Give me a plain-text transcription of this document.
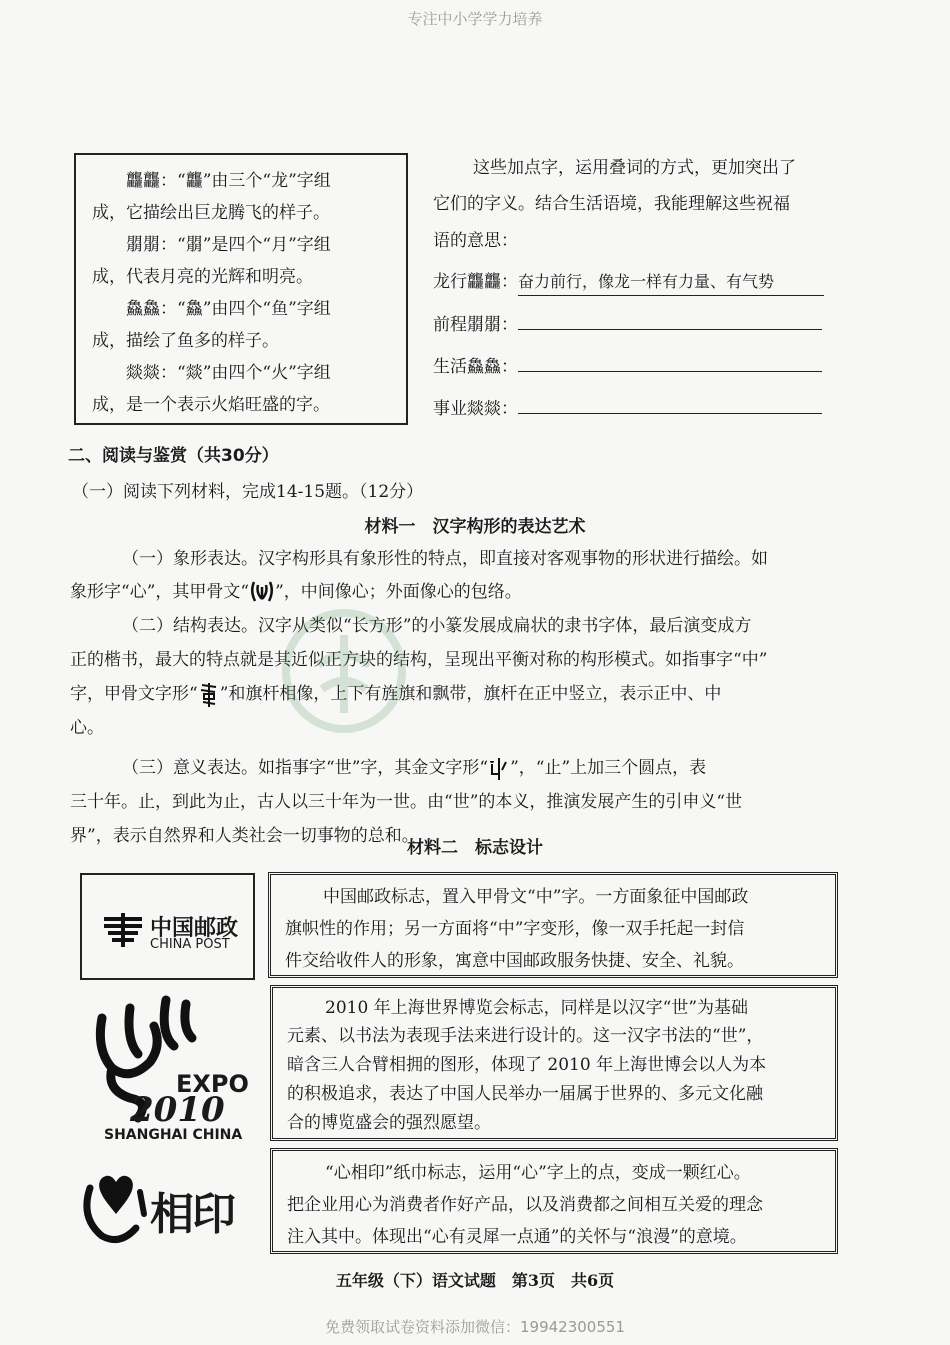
专注中小学学力培养
龘龘：“龘”由三个“龙”字组
成，它描绘出巨龙腾飞的样子。
朤朤：“朤”是四个“月”字组
成，代表月亮的光辉和明亮。
鱻鱻：“鱻”由四个“鱼”字组
成，描绘了鱼多的样子。
燚燚：“燚”由四个“火”字组
成，是一个表示火焰旺盛的字。
这些加点字，运用叠词的方式，更加突出了
它们的字义。结合生活语境，我能理解这些祝福
语的意思：
龙行龘龘：奋力前行，像龙一样有力量、有气势
前程朤朤：
生活鱻鱻：
事业燚燚：
二、阅读与鉴赏（共30分）
（一）阅读下列材料，完成14-15题。（12分）
材料一　汉字构形的表达艺术
（一）象形表达。汉字构形具有象形性的特点，即直接对客观事物的形状进行描绘。如
象形字“心”，其甲骨文“ ”，中间像心；外面像心的包络。
（二）结构表达。汉字从类似“长方形”的小篆发展成扁状的隶书字体，最后演变成方
正的楷书，最大的特点就是其近似正方块的结构，呈现出平衡对称的构形模式。如指事字“中”
字，甲骨文字形“ ”和旗杆相像，上下有旌旗和飘带，旗杆在正中竖立，表示正中、中
心。
（三）意义表达。如指事字“世”字，其金文字形“ ”，“止”上加三个圆点，表
三十年。止，到此为止，古人以三十年为一世。由“世”的本义，推演发展产生的引申义“世
界”，表示自然界和人类社会一切事物的总和。
材料二　标志设计
中国邮政
CHINA POST
EXPO
2010
SHANGHAI CHINA
相印
中国邮政标志，置入甲骨文“中”字。一方面象征中国邮政
旗帜性的作用；另一方面将“中”字变形，像一双手托起一封信
件交给收件人的形象，寓意中国邮政服务快捷、安全、礼貌。
2010 年上海世界博览会标志，同样是以汉字“世”为基础
元素、以书法为表现手法来进行设计的。这一汉字书法的“世”，
暗含三人合臂相拥的图形，体现了 2010 年上海世博会以人为本
的积极追求，表达了中国人民举办一届属于世界的、多元文化融
合的博览盛会的强烈愿望。
“心相印”纸巾标志，运用“心”字上的点，变成一颗红心。
把企业用心为消费者作好产品，以及消费都之间相互关爱的理念
注入其中。体现出“心有灵犀一点通”的关怀与“浪漫”的意境。
五年级（下）语文试题　第3页　共6页
免费领取试卷资料添加微信：19942300551
